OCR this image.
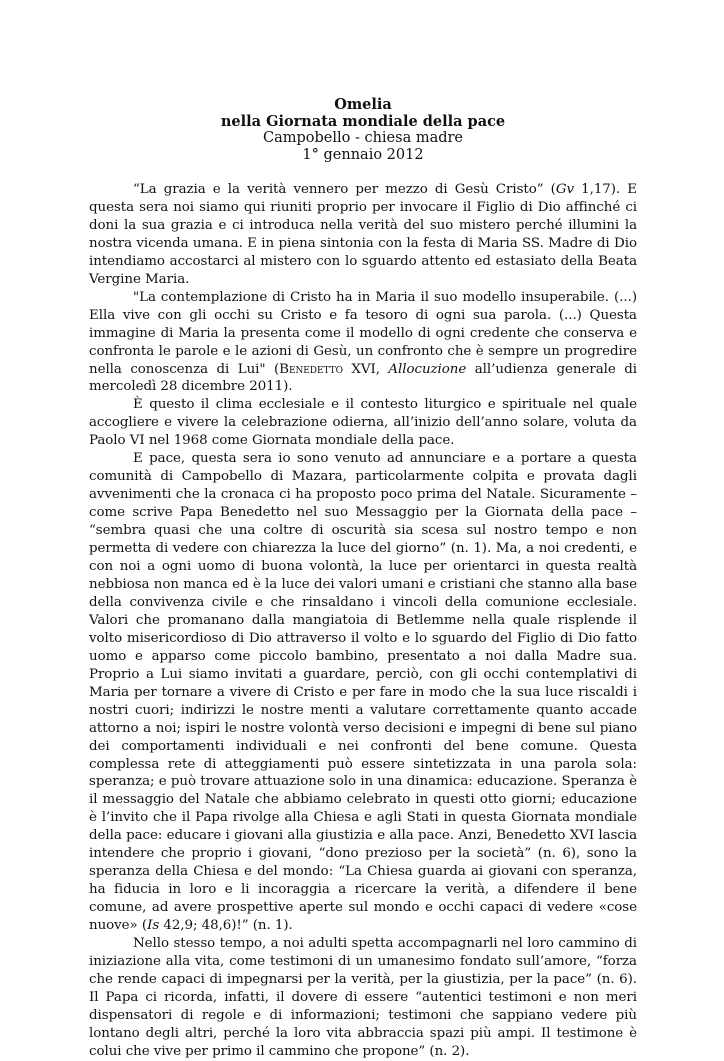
Omelia
nella Giornata mondiale della pace
Campobello - chiesa madre
1° gennaio 2012

“La grazia e la verità vennero per mezzo di Gesù Cristo” (Gv 1,17). E questa sera noi siamo qui riuniti proprio per invocare il Figlio di Dio affinché ci doni la sua grazia e ci introduca nella verità del suo mistero perché illumini la nostra vicenda umana. E in piena sintonia con la festa di Maria SS. Madre di Dio intendiamo accostarci al mistero con lo sguardo attento ed estasiato della Beata Vergine Maria.

"La contemplazione di Cristo ha in Maria il suo modello insuperabile. (...) Ella vive con gli occhi su Cristo e fa tesoro di ogni sua parola. (...) Questa immagine di Maria la presenta come il modello di ogni credente che conserva e confronta le parole e le azioni di Gesù, un confronto che è sempre un progredire nella conoscenza di Lui" (Benedetto XVI, Allocuzione all’udienza generale di mercoledì 28 dicembre 2011).

È questo il clima ecclesiale e il contesto liturgico e spirituale nel quale accogliere e vivere la celebrazione odierna, all’inizio dell’anno solare, voluta da Paolo VI nel 1968 come Giornata mondiale della pace.

E pace, questa sera io sono venuto ad annunciare e a portare a questa comunità di Campobello di Mazara, particolarmente colpita e provata dagli avvenimenti che la cronaca ci ha proposto poco prima del Natale. Sicuramente – come scrive Papa Benedetto nel suo Messaggio per la Giornata della pace – “sembra quasi che una coltre di oscurità sia scesa sul nostro tempo e non permetta di vedere con chiarezza la luce del giorno” (n. 1). Ma, a noi credenti, e con noi a ogni uomo di buona volontà, la luce per orientarci in questa realtà nebbiosa non manca ed è la luce dei valori umani e cristiani che stanno alla base della convivenza civile e che rinsaldano i vincoli della comunione ecclesiale. Valori che promanano dalla mangiatoia di Betlemme nella quale risplende il volto misericordioso di Dio attraverso il volto e lo sguardo del Figlio di Dio fatto uomo e apparso come piccolo bambino, presentato a noi dalla Madre sua. Proprio a Lui siamo invitati a guardare, perciò, con gli occhi contemplativi di Maria per tornare a vivere di Cristo e per fare in modo che la sua luce riscaldi i nostri cuori; indirizzi le nostre menti a valutare correttamente quanto accade attorno a noi; ispiri le nostre volontà verso decisioni e impegni di bene sul piano dei comportamenti individuali e nei confronti del bene comune. Questa complessa rete di atteggiamenti può essere sintetizzata in una parola sola: speranza; e può trovare attuazione solo in una dinamica: educazione. Speranza è il messaggio del Natale che abbiamo celebrato in questi otto giorni; educazione è l’invito che il Papa rivolge alla Chiesa e agli Stati in questa Giornata mondiale della pace: educare i giovani alla giustizia e alla pace. Anzi, Benedetto XVI lascia intendere che proprio i giovani, “dono prezioso per la società” (n. 6), sono la speranza della Chiesa e del mondo: “La Chiesa guarda ai giovani con speranza, ha fiducia in loro e li incoraggia a ricercare la verità, a difendere il bene comune, ad avere prospettive aperte sul mondo e occhi capaci di vedere «cose nuove» (Is 42,9; 48,6)!” (n. 1).

Nello stesso tempo, a noi adulti spetta accompagnarli nel loro cammino di iniziazione alla vita, come testimoni di un umanesimo fondato sull’amore, “forza che rende capaci di impegnarsi per la verità, per la giustizia, per la pace” (n. 6). Il Papa ci ricorda, infatti, il dovere di essere “autentici testimoni e non meri dispensatori di regole e di informazioni; testimoni che sappiano vedere più lontano degli altri, perché la loro vita abbraccia spazi più ampi. Il testimone è colui che vive per primo il cammino che propone” (n. 2).
